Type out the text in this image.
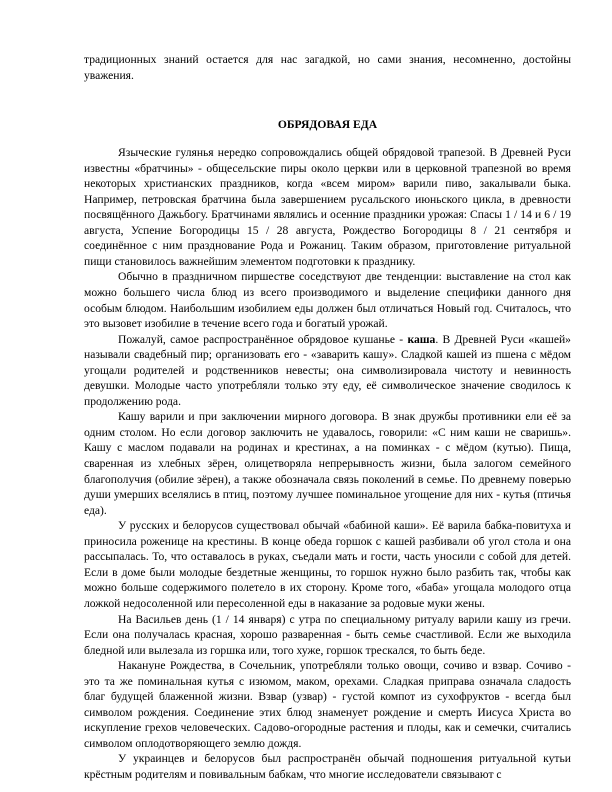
традиционных знаний остается для нас загадкой, но сами знания, несомненно, достойны уважения.

ОБРЯДОВАЯ ЕДА

Языческие гулянья нередко сопровождались общей обрядовой трапезой. В Древней Руси известны «братчины» - общесельские пиры около церкви или в церковной трапезной во время некоторых христианских праздников, когда «всем миром» варили пиво, закалывали быка. Например, петровская братчина была завершением русальского июньского цикла, в древности посвящённого Дажьбогу. Братчинами являлись и осенние праздники урожая: Спасы 1 / 14 и 6 / 19 августа, Успение Богородицы 15 / 28 августа, Рождество Богородицы 8 / 21 сентября и соединённое с ним празднование Рода и Рожаниц. Таким образом, приготовление ритуальной пищи становилось важнейшим элементом подготовки к празднику.

Обычно в праздничном пиршестве соседствуют две тенденции: выставление на стол как можно большего числа блюд из всего производимого и выделение специфики данного дня особым блюдом. Наибольшим изобилием еды должен был отличаться Новый год. Считалось, что это вызовет изобилие в течение всего года и богатый урожай.

Пожалуй, самое распространённое обрядовое кушанье - каша. В Древней Руси «кашей» называли свадебный пир; организовать его - «заварить кашу». Сладкой кашей из пшена с мёдом угощали родителей и родственников невесты; она символизировала чистоту и невинность девушки. Молодые часто употребляли только эту еду, её символическое значение сводилось к продолжению рода.

Кашу варили и при заключении мирного договора. В знак дружбы противники ели её за одним столом. Но если договор заключить не удавалось, говорили: «С ним каши не сваришь». Кашу с маслом подавали на родинах и крестинах, а на поминках - с мёдом (кутью). Пища, сваренная из хлебных зёрен, олицетворяла непрерывность жизни, была залогом семейного благополучия (обилие зёрен), а также обозначала связь поколений в семье. По древнему поверью души умерших вселялись в птиц, поэтому лучшее поминальное угощение для них - кутья (птичья еда).

У русских и белорусов существовал обычай «бабиной каши». Её варила бабка-повитуха и приносила роженице на крестины. В конце обеда горшок с кашей разбивали об угол стола и она рассыпалась. То, что оставалось в руках, съедали мать и гости, часть уносили с собой для детей. Если в доме были молодые бездетные женщины, то горшок нужно было разбить так, чтобы как можно больше содержимого полетело в их сторону. Кроме того, «баба» угощала молодого отца ложкой недосоленной или пересоленной еды в наказание за родовые муки жены.

На Васильев день (1 / 14 января) с утра по специальному ритуалу варили кашу из гречи. Если она получалась красная, хорошо разваренная - быть семье счастливой. Если же выходила бледной или вылезала из горшка или, того хуже, горшок трескался, то быть беде.

Накануне Рождества, в Сочельник, употребляли только овощи, сочиво и взвар. Сочиво - это та же поминальная кутья с изюмом, маком, орехами. Сладкая приправа означала сладость благ будущей блаженной жизни. Взвар (узвар) - густой компот из сухофруктов - всегда был символом рождения. Соединение этих блюд знаменует рождение и смерть Иисуса Христа во искупление грехов человеческих. Садово-огородные растения и плоды, как и семечки, считались символом оплодотворяющего землю дождя.

У украинцев и белорусов был распространён обычай подношения ритуальной кутьи крёстным родителям и повивальным бабкам, что многие исследователи связывают с
